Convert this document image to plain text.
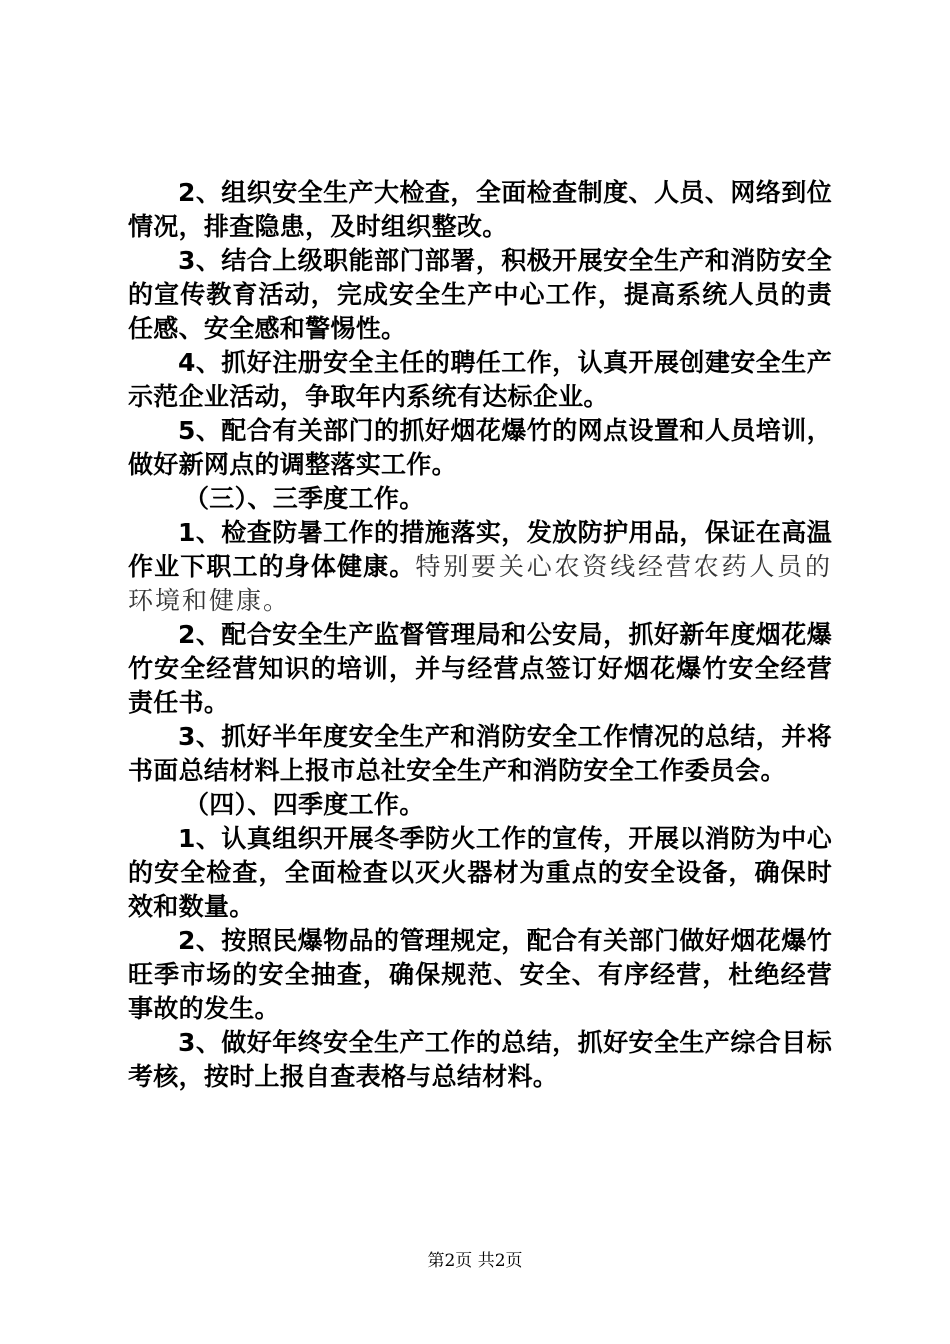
2、组织安全生产大检查，全面检查制度、人员、网络到位情况，排查隐患，及时组织整改。

3、结合上级职能部门部署，积极开展安全生产和消防安全的宣传教育活动，完成安全生产中心工作，提高系统人员的责任感、安全感和警惕性。

4、抓好注册安全主任的聘任工作，认真开展创建安全生产示范企业活动，争取年内系统有达标企业。

5、配合有关部门的抓好烟花爆竹的网点设置和人员培训，做好新网点的调整落实工作。

（三）、三季度工作。

1、检查防暑工作的措施落实，发放防护用品，保证在高温作业下职工的身体健康。特别要关心农资线经营农药人员的环境和健康。

2、配合安全生产监督管理局和公安局，抓好新年度烟花爆竹安全经营知识的培训，并与经营点签订好烟花爆竹安全经营责任书。

3、抓好半年度安全生产和消防安全工作情况的总结，并将书面总结材料上报市总社安全生产和消防安全工作委员会。

（四）、四季度工作。

1、认真组织开展冬季防火工作的宣传，开展以消防为中心的安全检查，全面检查以灭火器材为重点的安全设备，确保时效和数量。

2、按照民爆物品的管理规定，配合有关部门做好烟花爆竹旺季市场的安全抽查，确保规范、安全、有序经营，杜绝经营事故的发生。

3、做好年终安全生产工作的总结，抓好安全生产综合目标考核，按时上报自查表格与总结材料。

第2页 共2页
